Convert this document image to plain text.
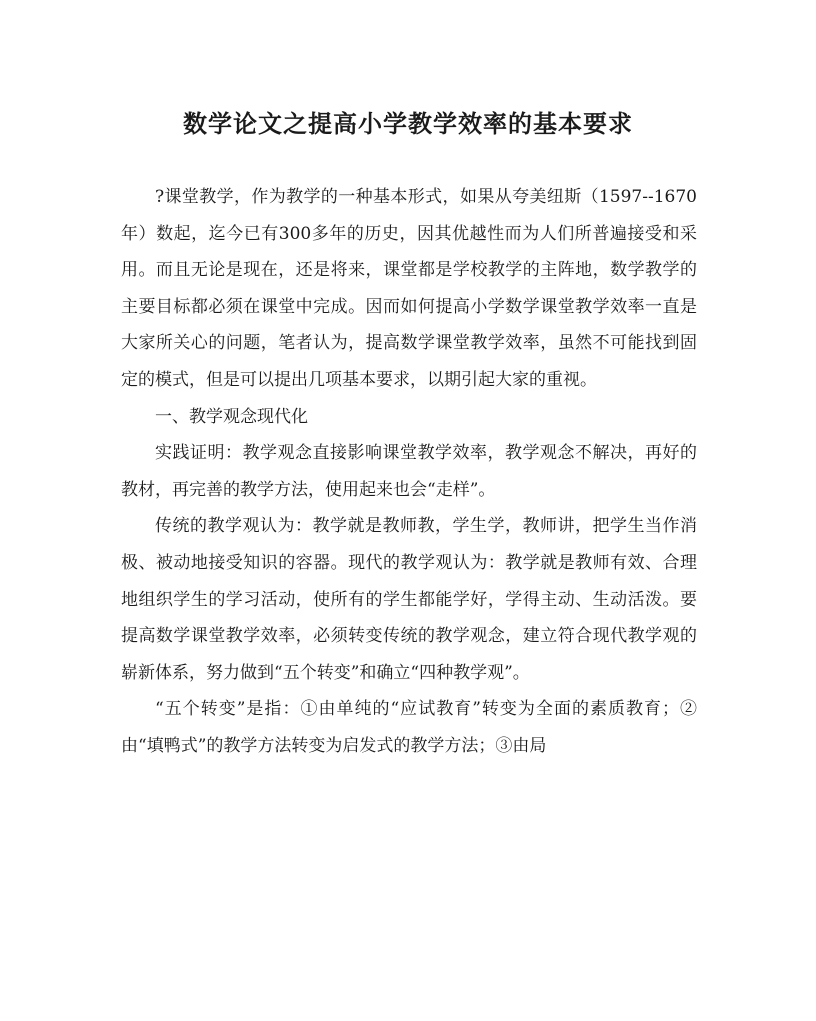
数学论文之提高小学教学效率的基本要求

?课堂教学，作为教学的一种基本形式，如果从夸美纽斯（1597--1670年）数起，迄今已有300多年的历史，因其优越性而为人们所普遍接受和采用。而且无论是现在，还是将来，课堂都是学校教学的主阵地，数学教学的主要目标都必须在课堂中完成。因而如何提高小学数学课堂教学效率一直是大家所关心的问题，笔者认为，提高数学课堂教学效率，虽然不可能找到固定的模式，但是可以提出几项基本要求，以期引起大家的重视。

一、教学观念现代化

实践证明：教学观念直接影响课堂教学效率，教学观念不解决，再好的教材，再完善的教学方法，使用起来也会“走样”。

传统的教学观认为：教学就是教师教，学生学，教师讲，把学生当作消极、被动地接受知识的容器。现代的教学观认为：教学就是教师有效、合理地组织学生的学习活动，使所有的学生都能学好，学得主动、生动活泼。要提高数学课堂教学效率，必须转变传统的教学观念，建立符合现代教学观的崭新体系，努力做到“五个转变”和确立“四种教学观”。

“五个转变”是指：①由单纯的“应试教育”转变为全面的素质教育；②由“填鸭式”的教学方法转变为启发式的教学方法；③由局
